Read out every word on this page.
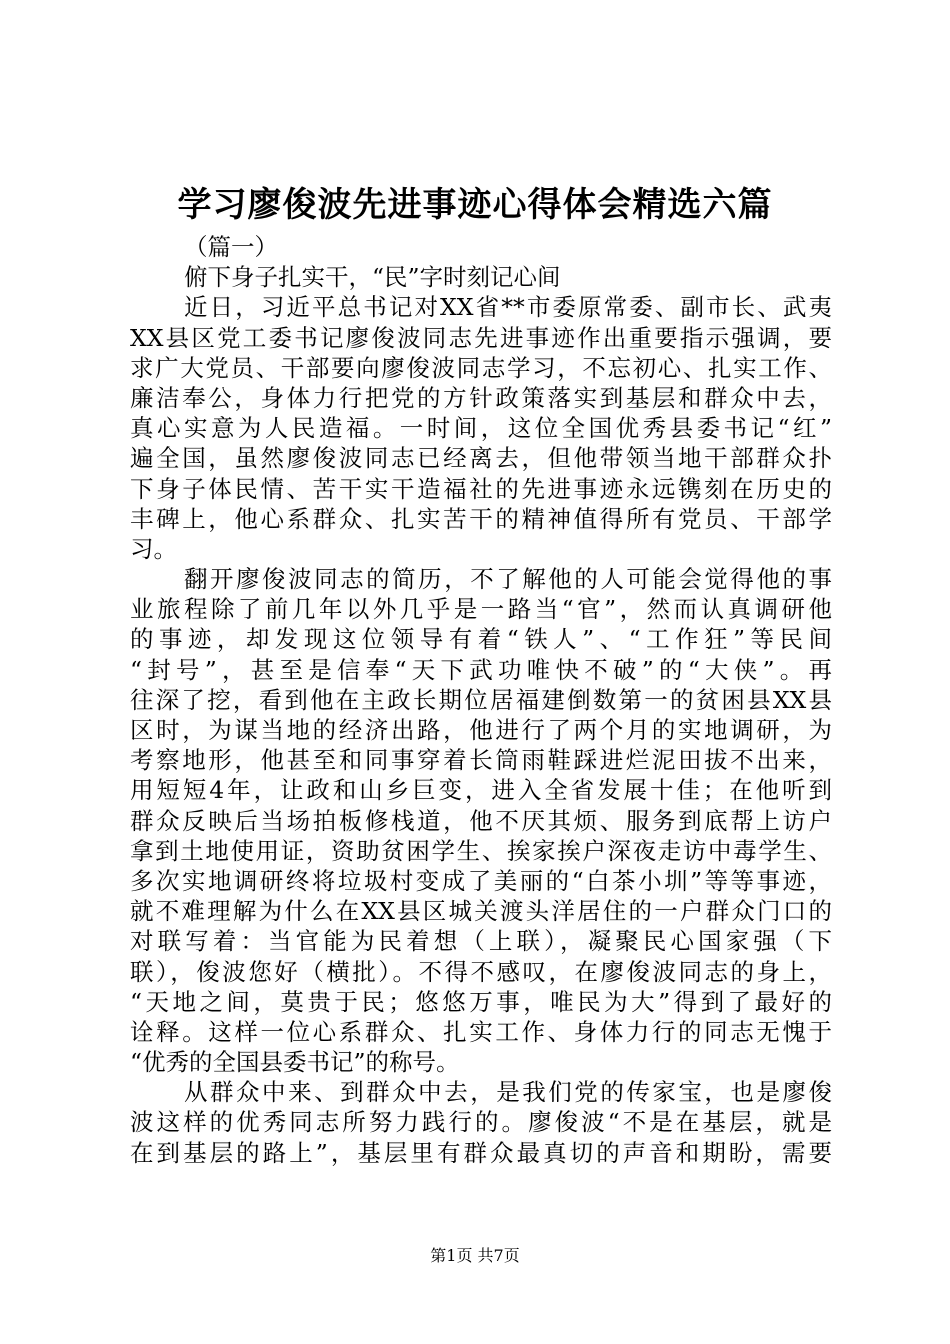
学习廖俊波先进事迹心得体会精选六篇
（篇一）
俯下身子扎实干，“民”字时刻记心间
近日，习近平总书记对XX省**市委原常委、副市长、武夷
XX县区党工委书记廖俊波同志先进事迹作出重要指示强调，要
求广大党员、干部要向廖俊波同志学习，不忘初心、扎实工作、
廉洁奉公，身体力行把党的方针政策落实到基层和群众中去，
真心实意为人民造福。一时间，这位全国优秀县委书记“红”
遍全国，虽然廖俊波同志已经离去，但他带领当地干部群众扑
下身子体民情、苦干实干造福社的先进事迹永远镌刻在历史的
丰碑上，他心系群众、扎实苦干的精神值得所有党员、干部学
习。
翻开廖俊波同志的简历，不了解他的人可能会觉得他的事
业旅程除了前几年以外几乎是一路当“官”，然而认真调研他
的事迹，却发现这位领导有着“铁人”、“工作狂”等民间
“封号”，甚至是信奉“天下武功唯快不破”的“大侠”。再
往深了挖，看到他在主政长期位居福建倒数第一的贫困县XX县
区时，为谋当地的经济出路，他进行了两个月的实地调研，为
考察地形，他甚至和同事穿着长筒雨鞋踩进烂泥田拔不出来，
用短短4年，让政和山乡巨变，进入全省发展十佳；在他听到
群众反映后当场拍板修栈道，他不厌其烦、服务到底帮上访户
拿到土地使用证，资助贫困学生、挨家挨户深夜走访中毒学生、
多次实地调研终将垃圾村变成了美丽的“白茶小圳”等等事迹，
就不难理解为什么在XX县区城关渡头洋居住的一户群众门口的
对联写着：当官能为民着想（上联），凝聚民心国家强（下
联），俊波您好（横批）。不得不感叹，在廖俊波同志的身上，
“天地之间，莫贵于民；悠悠万事，唯民为大”得到了最好的
诠释。这样一位心系群众、扎实工作、身体力行的同志无愧于
“优秀的全国县委书记”的称号。
从群众中来、到群众中去，是我们党的传家宝，也是廖俊
波这样的优秀同志所努力践行的。廖俊波“不是在基层，就是
在到基层的路上”，基层里有群众最真切的声音和期盼，需要
第1页 共7页
